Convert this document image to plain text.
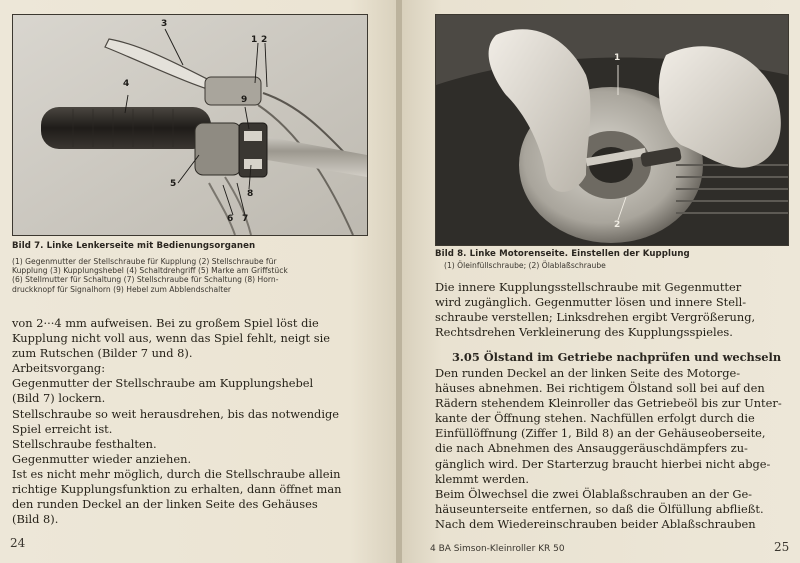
1 2
3
4
5
6 7
8
9
Bild 7. Linke Lenkerseite mit Bedienungsorganen
(1) Gegenmutter der Stellschraube für Kupplung (2) Stellschraube für
Kupplung (3) Kupplungshebel (4) Schaltdrehgriff (5) Marke am Griffstück
(6) Stellmutter für Schaltung (7) Stellschraube für Schaltung (8) Horn-
druckknopf für Signalhorn (9) Hebel zum Abblendschalter

von 2···4 mm aufweisen. Bei zu großem Spiel löst die

Kupplung nicht voll aus, wenn das Spiel fehlt, neigt sie

zum Rutschen (Bilder 7 und 8).

Arbeitsvorgang:

Gegenmutter der Stellschraube am Kupplungshebel

(Bild 7) lockern.

Stellschraube so weit herausdrehen, bis das notwendige

Spiel erreicht ist.

Stellschraube festhalten.

Gegenmutter wieder anziehen.

Ist es nicht mehr möglich, durch die Stellschraube allein

richtige Kupplungsfunktion zu erhalten, dann öffnet man

den runden Deckel an der linken Seite des Gehäuses

(Bild 8).

24
1
2
Bild 8. Linke Motorenseite. Einstellen der Kupplung
(1) Öleinfüllschraube; (2) Ölablaßschraube

Die innere Kupplungsstellschraube mit Gegenmutter

wird zugänglich. Gegenmutter lösen und innere Stell-

schraube verstellen; Linksdrehen ergibt Vergrößerung,

Rechtsdrehen Verkleinerung des Kupplungsspieles.

3.05 Ölstand im Getriebe nachprüfen und wechseln

Den runden Deckel an der linken Seite des Motorge-

häuses abnehmen. Bei richtigem Ölstand soll bei auf den

Rädern stehendem Kleinroller das Getriebeöl bis zur Unter-

kante der Öffnung stehen. Nachfüllen erfolgt durch die

Einfüllöffnung (Ziffer 1, Bild 8) an der Gehäuseoberseite,

die nach Abnehmen des Ansauggeräuschdämpfers zu-

gänglich wird. Der Starterzug braucht hierbei nicht abge-

klemmt werden.

Beim Ölwechsel die zwei Ölablaßschrauben an der Ge-

häuseunterseite entfernen, so daß die Ölfüllung abfließt.

Nach dem Wiedereinschrauben beider Ablaßschrauben

4 BA Simson-Kleinroller KR 50	25
